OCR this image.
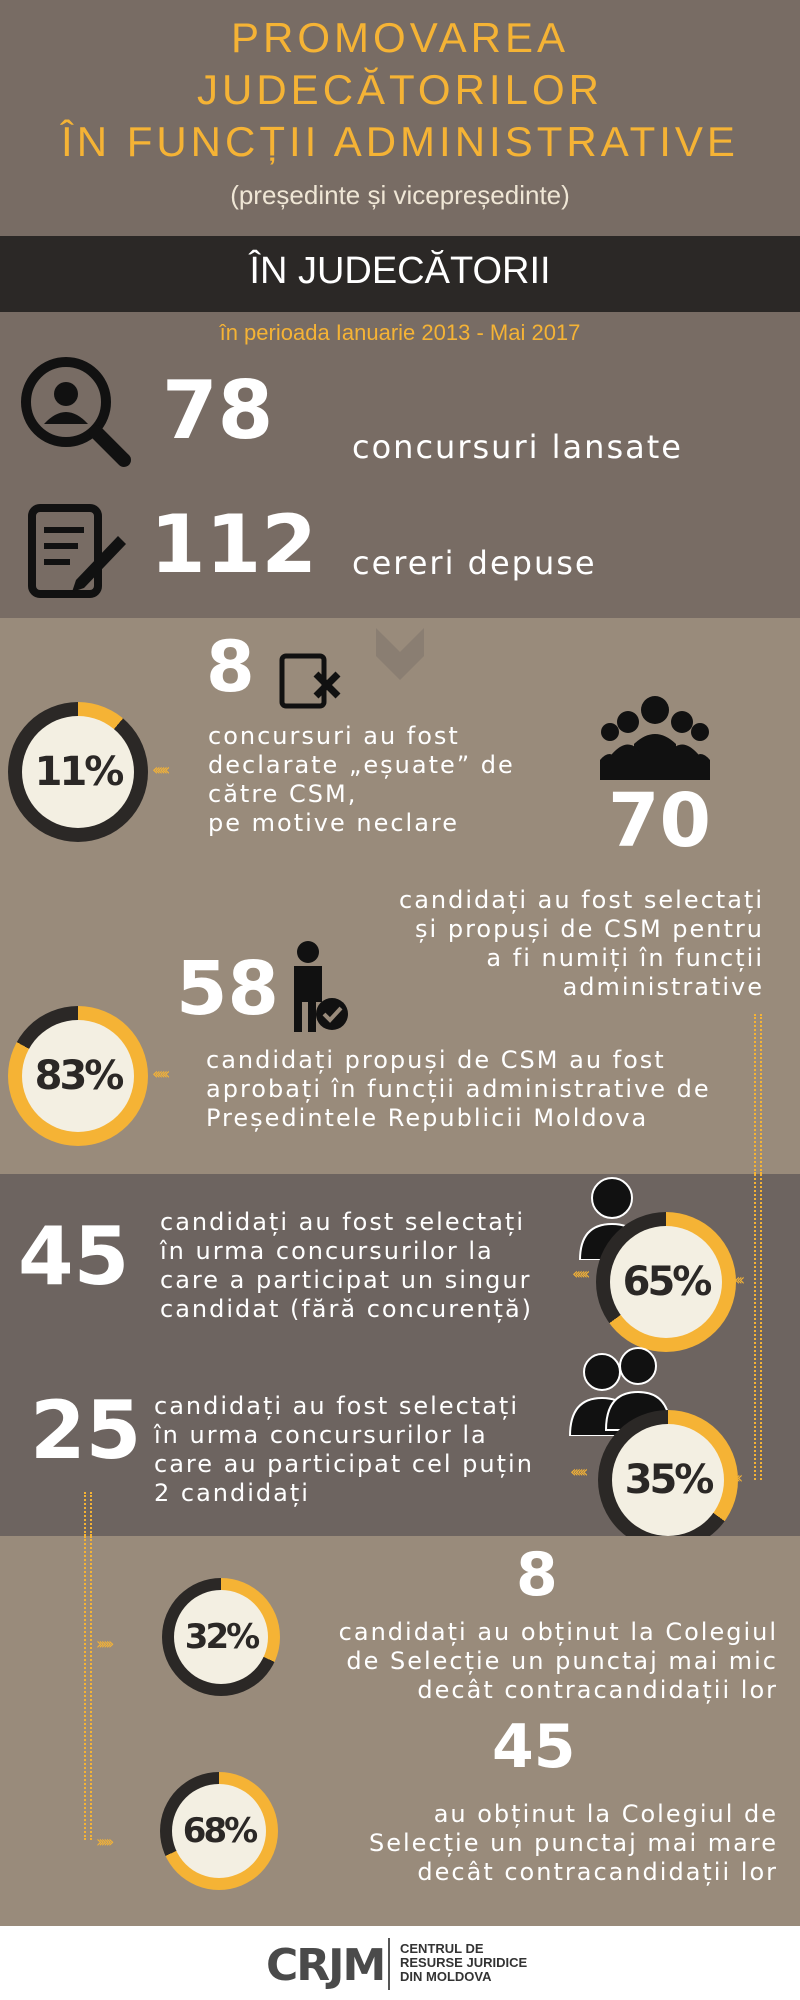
PROMOVAREA
JUDECĂTORILOR
ÎN FUNCȚII ADMINISTRATIVE
(președinte și vicepreședinte)
ÎN JUDECĂTORII
în perioada Ianuarie 2013 - Mai 2017
78 concursuri lansate
112 cereri depuse
8
11% ‹‹‹‹‹‹
concursuri au fost
declarate „eșuate” de
către CSM,
pe motive neclare	70
candidați au fost selectați
și propuși de CSM pentru
a fi numiți în funcții
administrative
58
83% ‹‹‹‹‹‹ candidați propuși de CSM au fost
aprobați în funcții administrative de
Președintele Republicii Moldova
45 candidați au fost selectați
în urma concursurilor la
care a participat un singur
candidat (fără concurență)
‹‹‹‹‹‹ 65% ‹‹‹
25 candidați au fost selectați
în urma concursurilor la
care au participat cel puțin
2 candidați
‹‹‹‹‹‹ 35% ‹‹‹
›››››› 32%
8
candidați au obținut la Colegiul
de Selecție un punctaj mai mic
decât contracandidații lor
›››››› 68%
45
au obținut la Colegiul de
Selecție un punctaj mai mare
decât contracandidații lor
CRJM CENTRUL DE
RESURSE JURIDICE
DIN MOLDOVA
